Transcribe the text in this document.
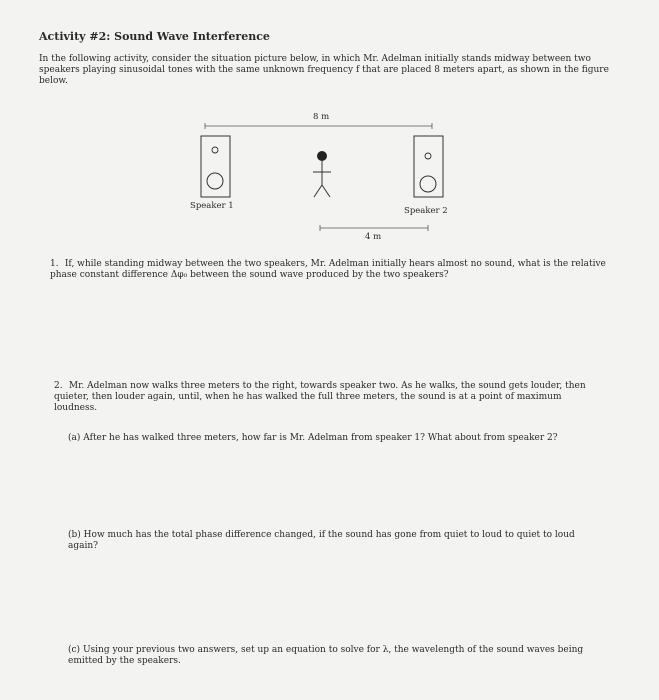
Activity #2: Sound Wave Interference
In the following activity, consider the situation picture below, in which Mr. Adelman initially stands midway between two speakers playing sinusoidal tones with the same unknown frequency f that are placed 8 meters apart, as shown in the figure below.
8 m
Speaker 1	Speaker 2
4 m
1. If, while standing midway between the two speakers, Mr. Adelman initially hears almost no sound, what is the relative phase constant difference Δφ₀ between the sound wave produced by the two speakers?
2. Mr. Adelman now walks three meters to the right, towards speaker two. As he walks, the sound gets louder, then quieter, then louder again, until, when he has walked the full three meters, the sound is at a point of maximum loudness.
(a) After he has walked three meters, how far is Mr. Adelman from speaker 1? What about from speaker 2?
(b) How much has the total phase difference changed, if the sound has gone from quiet to loud to quiet to loud again?
(c) Using your previous two answers, set up an equation to solve for λ, the wavelength of the sound waves being emitted by the speakers.
